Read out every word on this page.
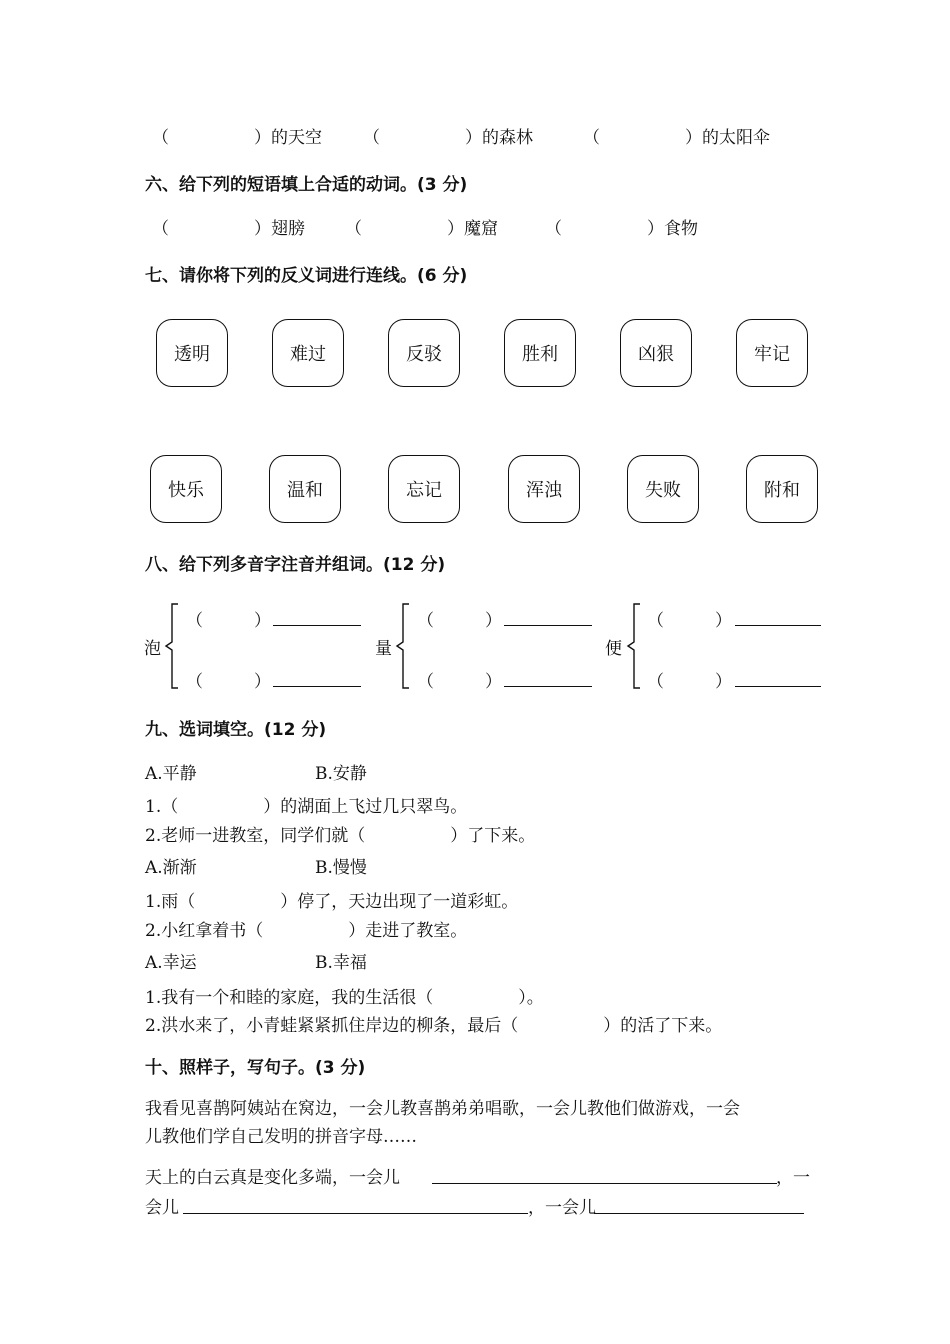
（　　　　　）的天空 （　　　　　）的森林	（　　　　　）的太阳伞
六、给下列的短语填上合适的动词。(3 分)
（　　　　　）翅膀 （　　　　　）魔窟	（　　　　　）食物
七、请你将下列的反义词进行连线。(6 分)
透明	难过	反驳	胜利	凶狠	牢记
快乐	温和	忘记	浑浊	失败	附和
八、给下列多音字注音并组词。(12 分)
泡
（　　　）
（　　　）
量
（　　　）
（　　　）
便
（　　　）
（　　　）
九、选词填空。(12 分)
A.平静	B.安静
1.（　　　　　）的湖面上飞过几只翠鸟。
2.老师一进教室，同学们就（　　　　　）了下来。
A.渐渐	B.慢慢
1.雨（　　　　　）停了，天边出现了一道彩虹。
2.小红拿着书（　　　　　）走进了教室。
A.幸运	B.幸福
1.我有一个和睦的家庭，我的生活很（　　　　　）。
2.洪水来了，小青蛙紧紧抓住岸边的柳条，最后（　　　　　）的活了下来。
十、照样子，写句子。(3 分)
我看见喜鹊阿姨站在窝边，一会儿教喜鹊弟弟唱歌，一会儿教他们做游戏，一会
儿教他们学自己发明的拼音字母……
天上的白云真是变化多端，一会儿	，一
会儿	，一会儿
